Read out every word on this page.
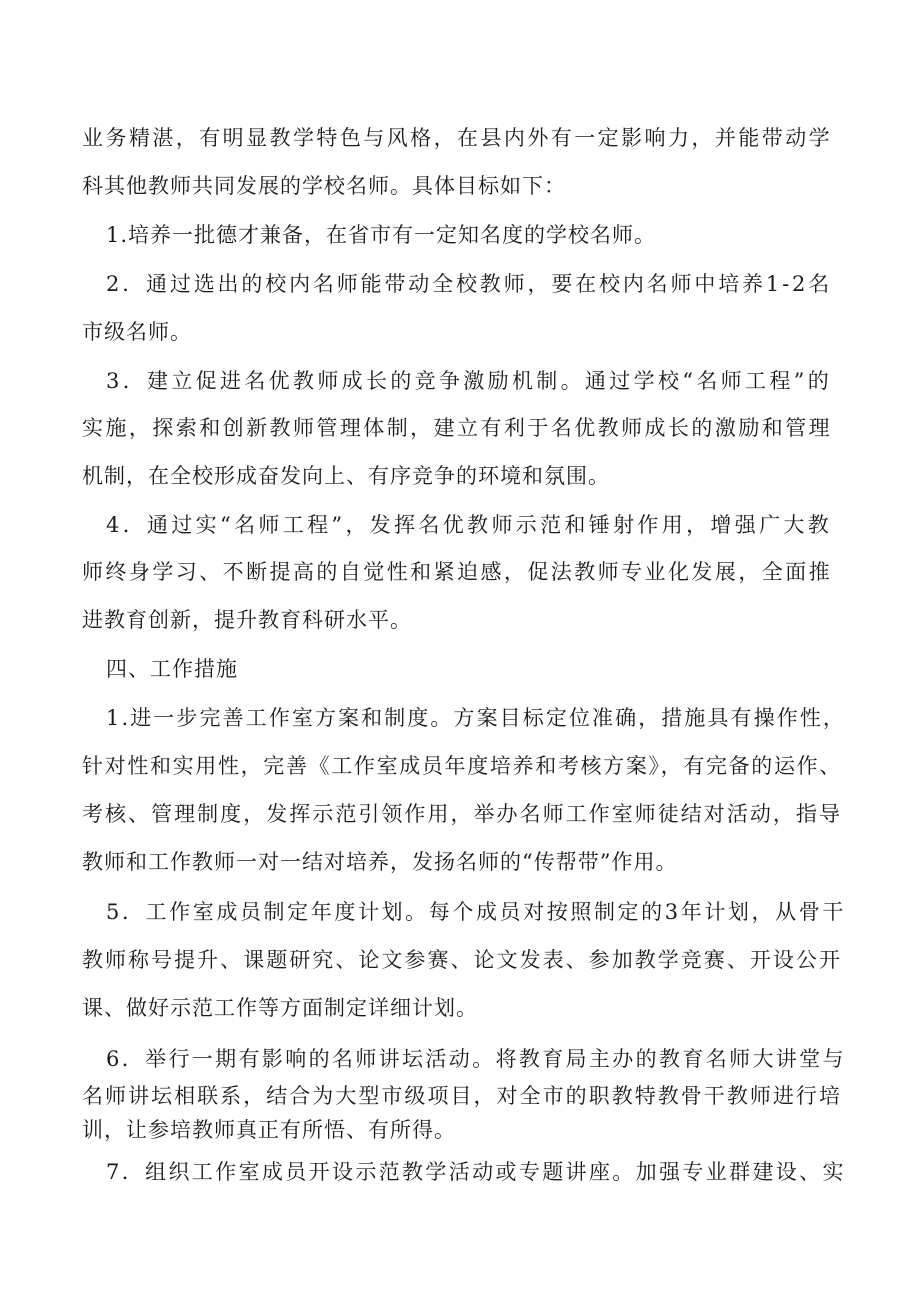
业务精湛，有明显教学特色与风格，在县内外有一定影响力，并能带动学
科其他教师共同发展的学校名师。具体目标如下：
1.培养一批德才兼备，在省市有一定知名度的学校名师。
2．通过选出的校内名师能带动全校教师，要在校内名师中培养1-2名
市级名师。
3．建立促进名优教师成长的竞争激励机制。通过学校“名师工程”的
实施，探索和创新教师管理体制，建立有利于名优教师成长的激励和管理
机制，在全校形成奋发向上、有序竞争的环境和氛围。
4．通过实“名师工程”，发挥名优教师示范和锤射作用，增强广大教
师终身学习、不断提高的自觉性和紧迫感，促法教师专业化发展，全面推
进教育创新，提升教育科研水平。
四、工作措施
1.进一步完善工作室方案和制度。方案目标定位准确，措施具有操作性，
针对性和实用性，完善《工作室成员年度培养和考核方案》，有完备的运作、
考核、管理制度，发挥示范引领作用，举办名师工作室师徒结对活动，指导
教师和工作教师一对一结对培养，发扬名师的“传帮带”作用。
5．工作室成员制定年度计划。每个成员对按照制定的3年计划，从骨干
教师称号提升、课题研究、论文参赛、论文发表、参加教学竞赛、开设公开
课、做好示范工作等方面制定详细计划。
6．举行一期有影响的名师讲坛活动。将教育局主办的教育名师大讲堂与
名师讲坛相联系，结合为大型市级项目，对全市的职教特教骨干教师进行培
训，让参培教师真正有所悟、有所得。
7．组织工作室成员开设示范教学活动或专题讲座。加强专业群建设、实
